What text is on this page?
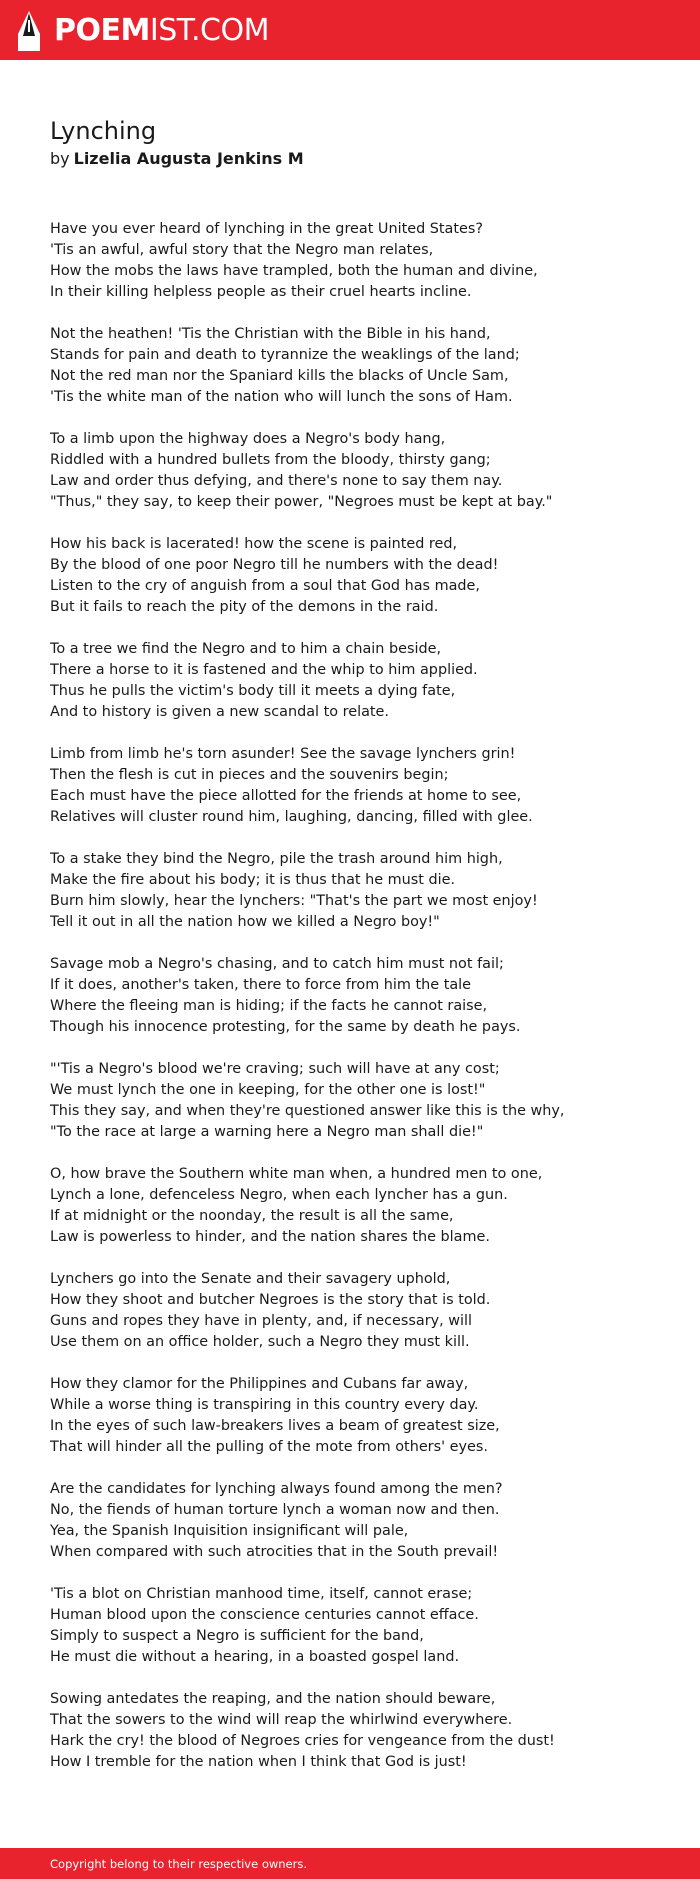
POEMIST.COM
Lynching
by Lizelia Augusta Jenkins M
Have you ever heard of lynching in the great United States?
'Tis an awful, awful story that the Negro man relates,
How the mobs the laws have trampled, both the human and divine,
In their killing helpless people as their cruel hearts incline.
Not the heathen! 'Tis the Christian with the Bible in his hand,
Stands for pain and death to tyrannize the weaklings of the land;
Not the red man nor the Spaniard kills the blacks of Uncle Sam,
'Tis the white man of the nation who will lunch the sons of Ham.
To a limb upon the highway does a Negro's body hang,
Riddled with a hundred bullets from the bloody, thirsty gang;
Law and order thus defying, and there's none to say them nay.
"Thus," they say, to keep their power, "Negroes must be kept at bay."
How his back is lacerated! how the scene is painted red,
By the blood of one poor Negro till he numbers with the dead!
Listen to the cry of anguish from a soul that God has made,
But it fails to reach the pity of the demons in the raid.
To a tree we find the Negro and to him a chain beside,
There a horse to it is fastened and the whip to him applied.
Thus he pulls the victim's body till it meets a dying fate,
And to history is given a new scandal to relate.
Limb from limb he's torn asunder! See the savage lynchers grin!
Then the flesh is cut in pieces and the souvenirs begin;
Each must have the piece allotted for the friends at home to see,
Relatives will cluster round him, laughing, dancing, filled with glee.
To a stake they bind the Negro, pile the trash around him high,
Make the fire about his body; it is thus that he must die.
Burn him slowly, hear the lynchers: "That's the part we most enjoy!
Tell it out in all the nation how we killed a Negro boy!"
Savage mob a Negro's chasing, and to catch him must not fail;
If it does, another's taken, there to force from him the tale
Where the fleeing man is hiding; if the facts he cannot raise,
Though his innocence protesting, for the same by death he pays.
"'Tis a Negro's blood we're craving; such will have at any cost;
We must lynch the one in keeping, for the other one is lost!"
This they say, and when they're questioned answer like this is the why,
"To the race at large a warning here a Negro man shall die!"
O, how brave the Southern white man when, a hundred men to one,
Lynch a lone, defenceless Negro, when each lyncher has a gun.
If at midnight or the noonday, the result is all the same,
Law is powerless to hinder, and the nation shares the blame.
Lynchers go into the Senate and their savagery uphold,
How they shoot and butcher Negroes is the story that is told.
Guns and ropes they have in plenty, and, if necessary, will
Use them on an office holder, such a Negro they must kill.
How they clamor for the Philippines and Cubans far away,
While a worse thing is transpiring in this country every day.
In the eyes of such law-breakers lives a beam of greatest size,
That will hinder all the pulling of the mote from others' eyes.
Are the candidates for lynching always found among the men?
No, the fiends of human torture lynch a woman now and then.
Yea, the Spanish Inquisition insignificant will pale,
When compared with such atrocities that in the South prevail!
'Tis a blot on Christian manhood time, itself, cannot erase;
Human blood upon the conscience centuries cannot efface.
Simply to suspect a Negro is sufficient for the band,
He must die without a hearing, in a boasted gospel land.
Sowing antedates the reaping, and the nation should beware,
That the sowers to the wind will reap the whirlwind everywhere.
Hark the cry! the blood of Negroes cries for vengeance from the dust!
How I tremble for the nation when I think that God is just!
Copyright belong to their respective owners.
